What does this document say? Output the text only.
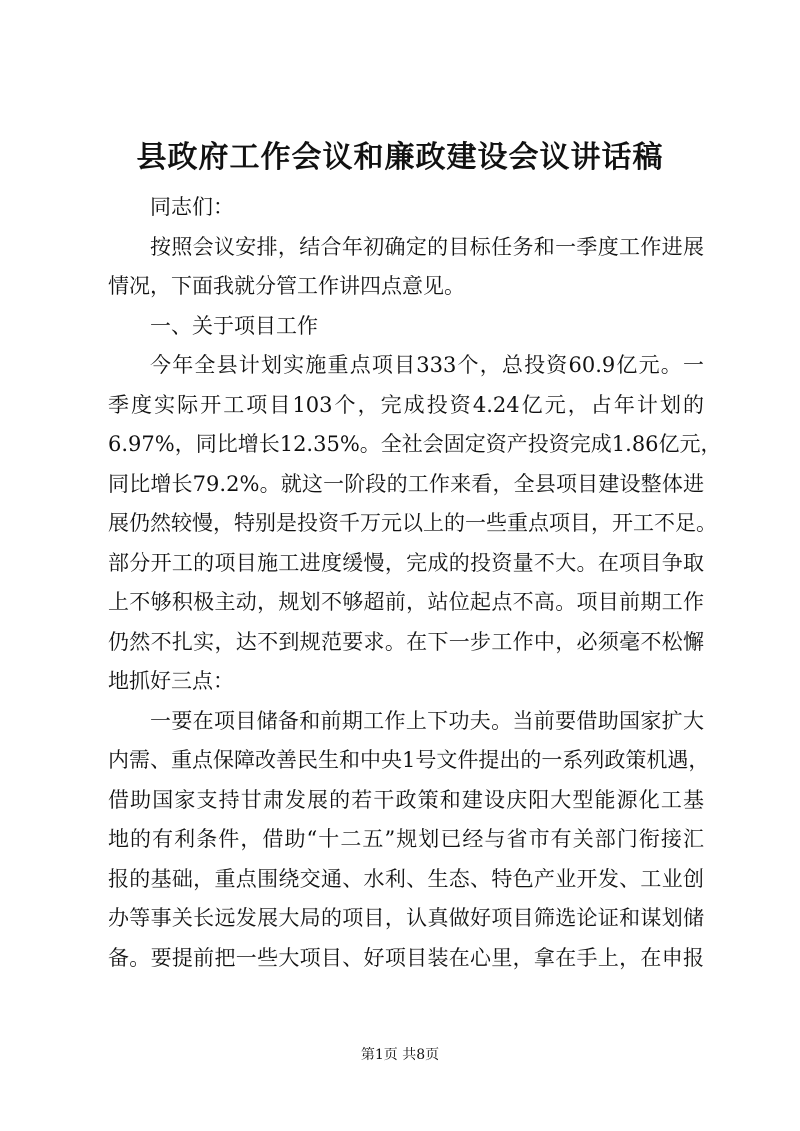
县政府工作会议和廉政建设会议讲话稿
同志们：
按照会议安排，结合年初确定的目标任务和一季度工作进展
情况，下面我就分管工作讲四点意见。
一、关于项目工作
今年全县计划实施重点项目333个，总投资60.9亿元。一
季度实际开工项目103个，完成投资4.24亿元，占年计划的
6.97%，同比增长12.35%。全社会固定资产投资完成1.86亿元，
同比增长79.2%。就这一阶段的工作来看，全县项目建设整体进
展仍然较慢，特别是投资千万元以上的一些重点项目，开工不足。
部分开工的项目施工进度缓慢，完成的投资量不大。在项目争取
上不够积极主动，规划不够超前，站位起点不高。项目前期工作
仍然不扎实，达不到规范要求。在下一步工作中，必须毫不松懈
地抓好三点：
一要在项目储备和前期工作上下功夫。当前要借助国家扩大
内需、重点保障改善民生和中央1号文件提出的一系列政策机遇，
借助国家支持甘肃发展的若干政策和建设庆阳大型能源化工基
地的有利条件，借助“十二五”规划已经与省市有关部门衔接汇
报的基础，重点围绕交通、水利、生态、特色产业开发、工业创
办等事关长远发展大局的项目，认真做好项目筛选论证和谋划储
备。要提前把一些大项目、好项目装在心里，拿在手上，在申报
第1页 共8页
